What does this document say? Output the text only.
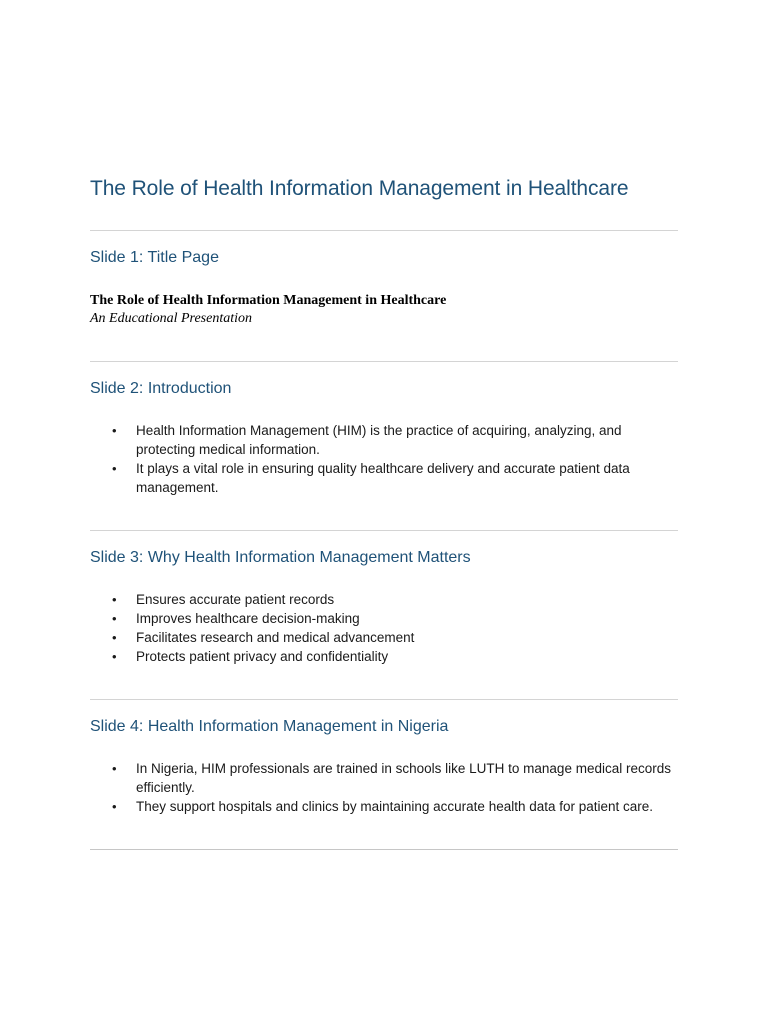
The Role of Health Information Management in Healthcare
Slide 1: Title Page
The Role of Health Information Management in Healthcare
An Educational Presentation
Slide 2: Introduction
• Health Information Management (HIM) is the practice of acquiring, analyzing, and protecting medical information.
• It plays a vital role in ensuring quality healthcare delivery and accurate patient data management.
Slide 3: Why Health Information Management Matters
• Ensures accurate patient records
• Improves healthcare decision-making
• Facilitates research and medical advancement
• Protects patient privacy and confidentiality
Slide 4: Health Information Management in Nigeria
• In Nigeria, HIM professionals are trained in schools like LUTH to manage medical records efficiently.
• They support hospitals and clinics by maintaining accurate health data for patient care.
